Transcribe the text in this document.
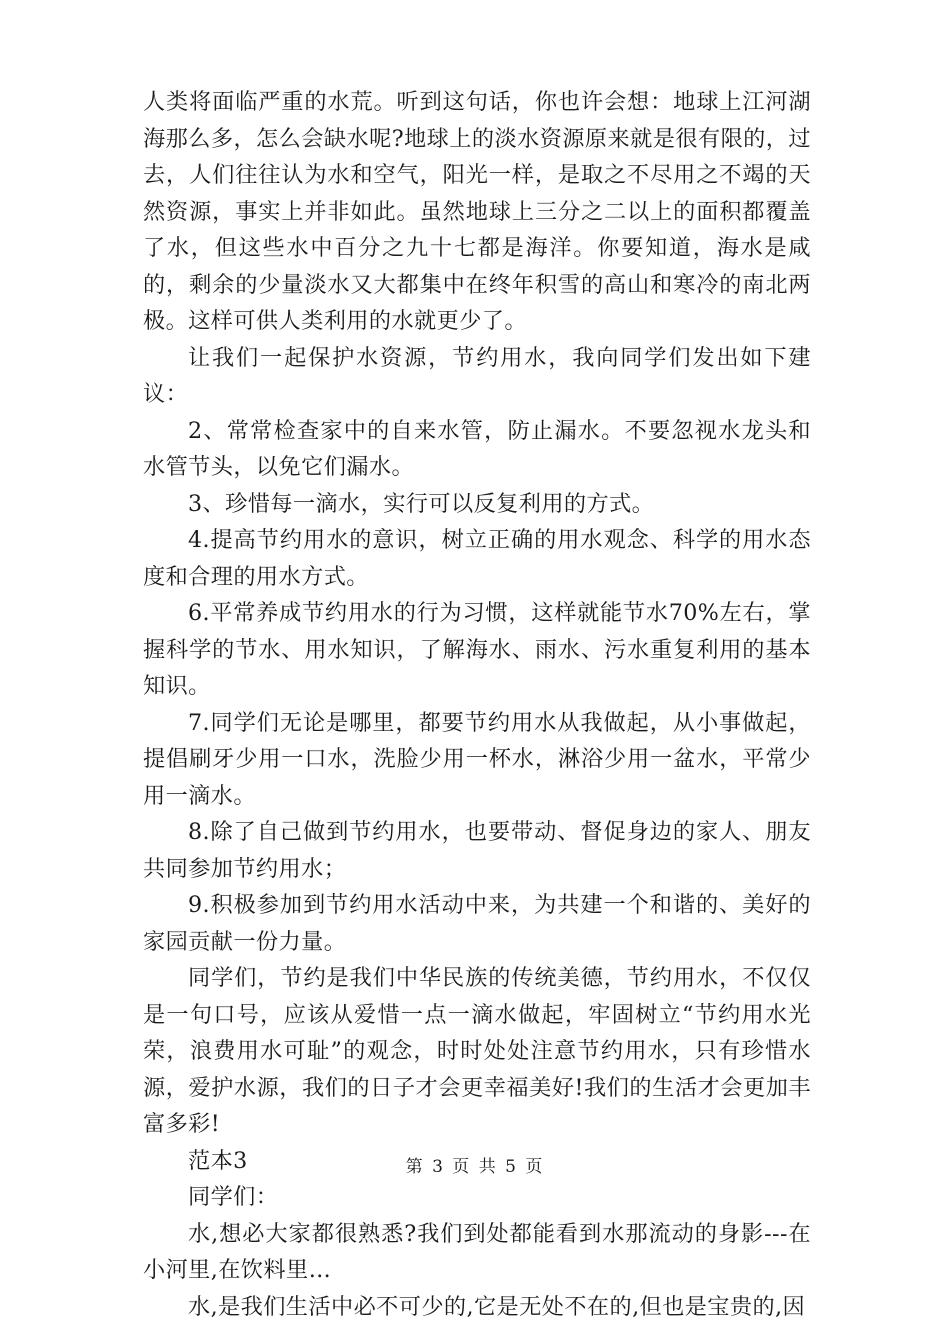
人类将面临严重的水荒。听到这句话，你也许会想：地球上江河湖海那么多，怎么会缺水呢?地球上的淡水资源原来就是很有限的，过去，人们往往认为水和空气，阳光一样，是取之不尽用之不竭的天然资源，事实上并非如此。虽然地球上三分之二以上的面积都覆盖了水，但这些水中百分之九十七都是海洋。你要知道，海水是咸的，剩余的少量淡水又大都集中在终年积雪的高山和寒冷的南北两极。这样可供人类利用的水就更少了。

让我们一起保护水资源，节约用水，我向同学们发出如下建议：

2、常常检查家中的自来水管，防止漏水。不要忽视水龙头和水管节头，以免它们漏水。

3、珍惜每一滴水，实行可以反复利用的方式。

4.提高节约用水的意识，树立正确的用水观念、科学的用水态度和合理的用水方式。

6.平常养成节约用水的行为习惯，这样就能节水70%左右，掌握科学的节水、用水知识，了解海水、雨水、污水重复利用的基本知识。

7.同学们无论是哪里，都要节约用水从我做起，从小事做起，提倡刷牙少用一口水，洗脸少用一杯水，淋浴少用一盆水，平常少用一滴水。

8.除了自己做到节约用水，也要带动、督促身边的家人、朋友共同参加节约用水；

9.积极参加到节约用水活动中来，为共建一个和谐的、美好的家园贡献一份力量。

同学们，节约是我们中华民族的传统美德，节约用水，不仅仅是一句口号，应该从爱惜一点一滴水做起，牢固树立“节约用水光荣，浪费用水可耻”的观念，时时处处注意节约用水，只有珍惜水源，爱护水源，我们的日子才会更幸福美好!我们的生活才会更加丰富多彩!

范本3

同学们：

水,想必大家都很熟悉?我们到处都能看到水那流动的身影---在小河里,在饮料里…

水,是我们生活中必不可少的,它是无处不在的,但也是宝贵的,因

第 3 页 共 5 页
